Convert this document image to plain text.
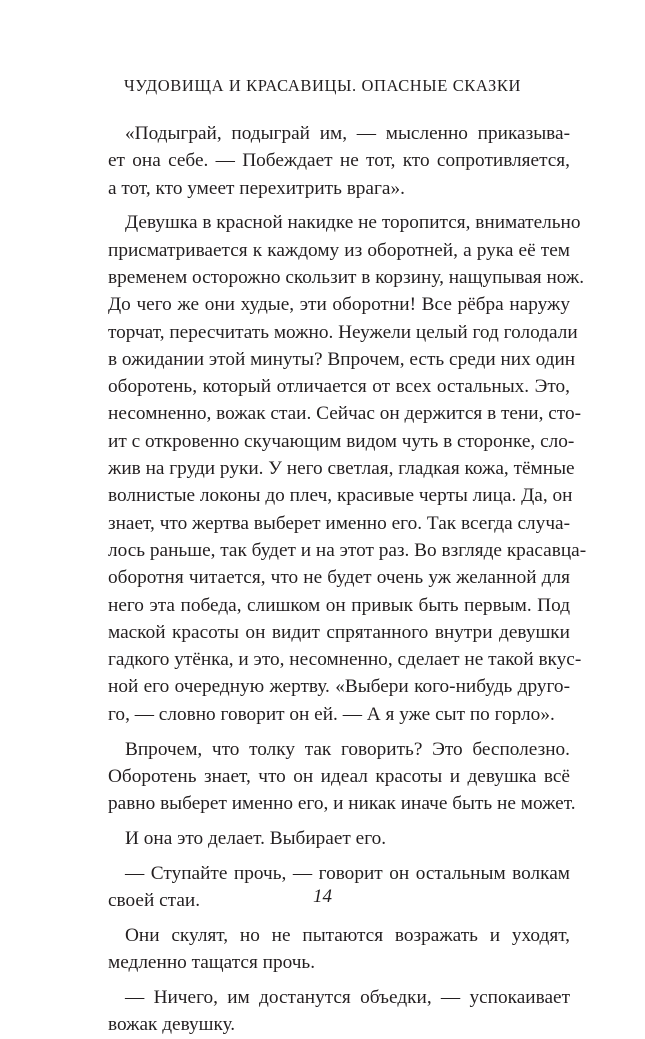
ЧУДОВИЩА И КРАСАВИЦЫ. ОПАСНЫЕ СКАЗКИ
«Подыграй, подыграй им, — мысленно приказыва-
ет она себе. — Побеждает не тот, кто сопротивляется,
а тот, кто умеет перехитрить врага».
Девушка в красной накидке не торопится, внимательно
присматривается к каждому из оборотней, а рука её тем
временем осторожно скользит в корзину, нащупывая нож.
До чего же они худые, эти оборотни! Все рёбра наружу
торчат, пересчитать можно. Неужели целый год голодали
в ожидании этой минуты? Впрочем, есть среди них один
оборотень, который отличается от всех остальных. Это,
несомненно, вожак стаи. Сейчас он держится в тени, сто-
ит с откровенно скучающим видом чуть в сторонке, сло-
жив на груди руки. У него светлая, гладкая кожа, тёмные
волнистые локоны до плеч, красивые черты лица. Да, он
знает, что жертва выберет именно его. Так всегда случа-
лось раньше, так будет и на этот раз. Во взгляде красавца-
оборотня читается, что не будет очень уж желанной для
него эта победа, слишком он привык быть первым. Под
маской красоты он видит спрятанного внутри девушки
гадкого утёнка, и это, несомненно, сделает не такой вкус-
ной его очередную жертву. «Выбери кого-нибудь друго-
го, — словно говорит он ей. — А я уже сыт по горло».
Впрочем, что толку так говорить? Это бесполезно.
Оборотень знает, что он идеал красоты и девушка всё
равно выберет именно его, и никак иначе быть не может.
И она это делает. Выбирает его.
— Ступайте прочь, — говорит он остальным волкам
своей стаи.
Они скулят, но не пытаются возражать и уходят,
медленно тащатся прочь.
— Ничего, им достанутся объедки, — успокаивает
вожак девушку.
14
